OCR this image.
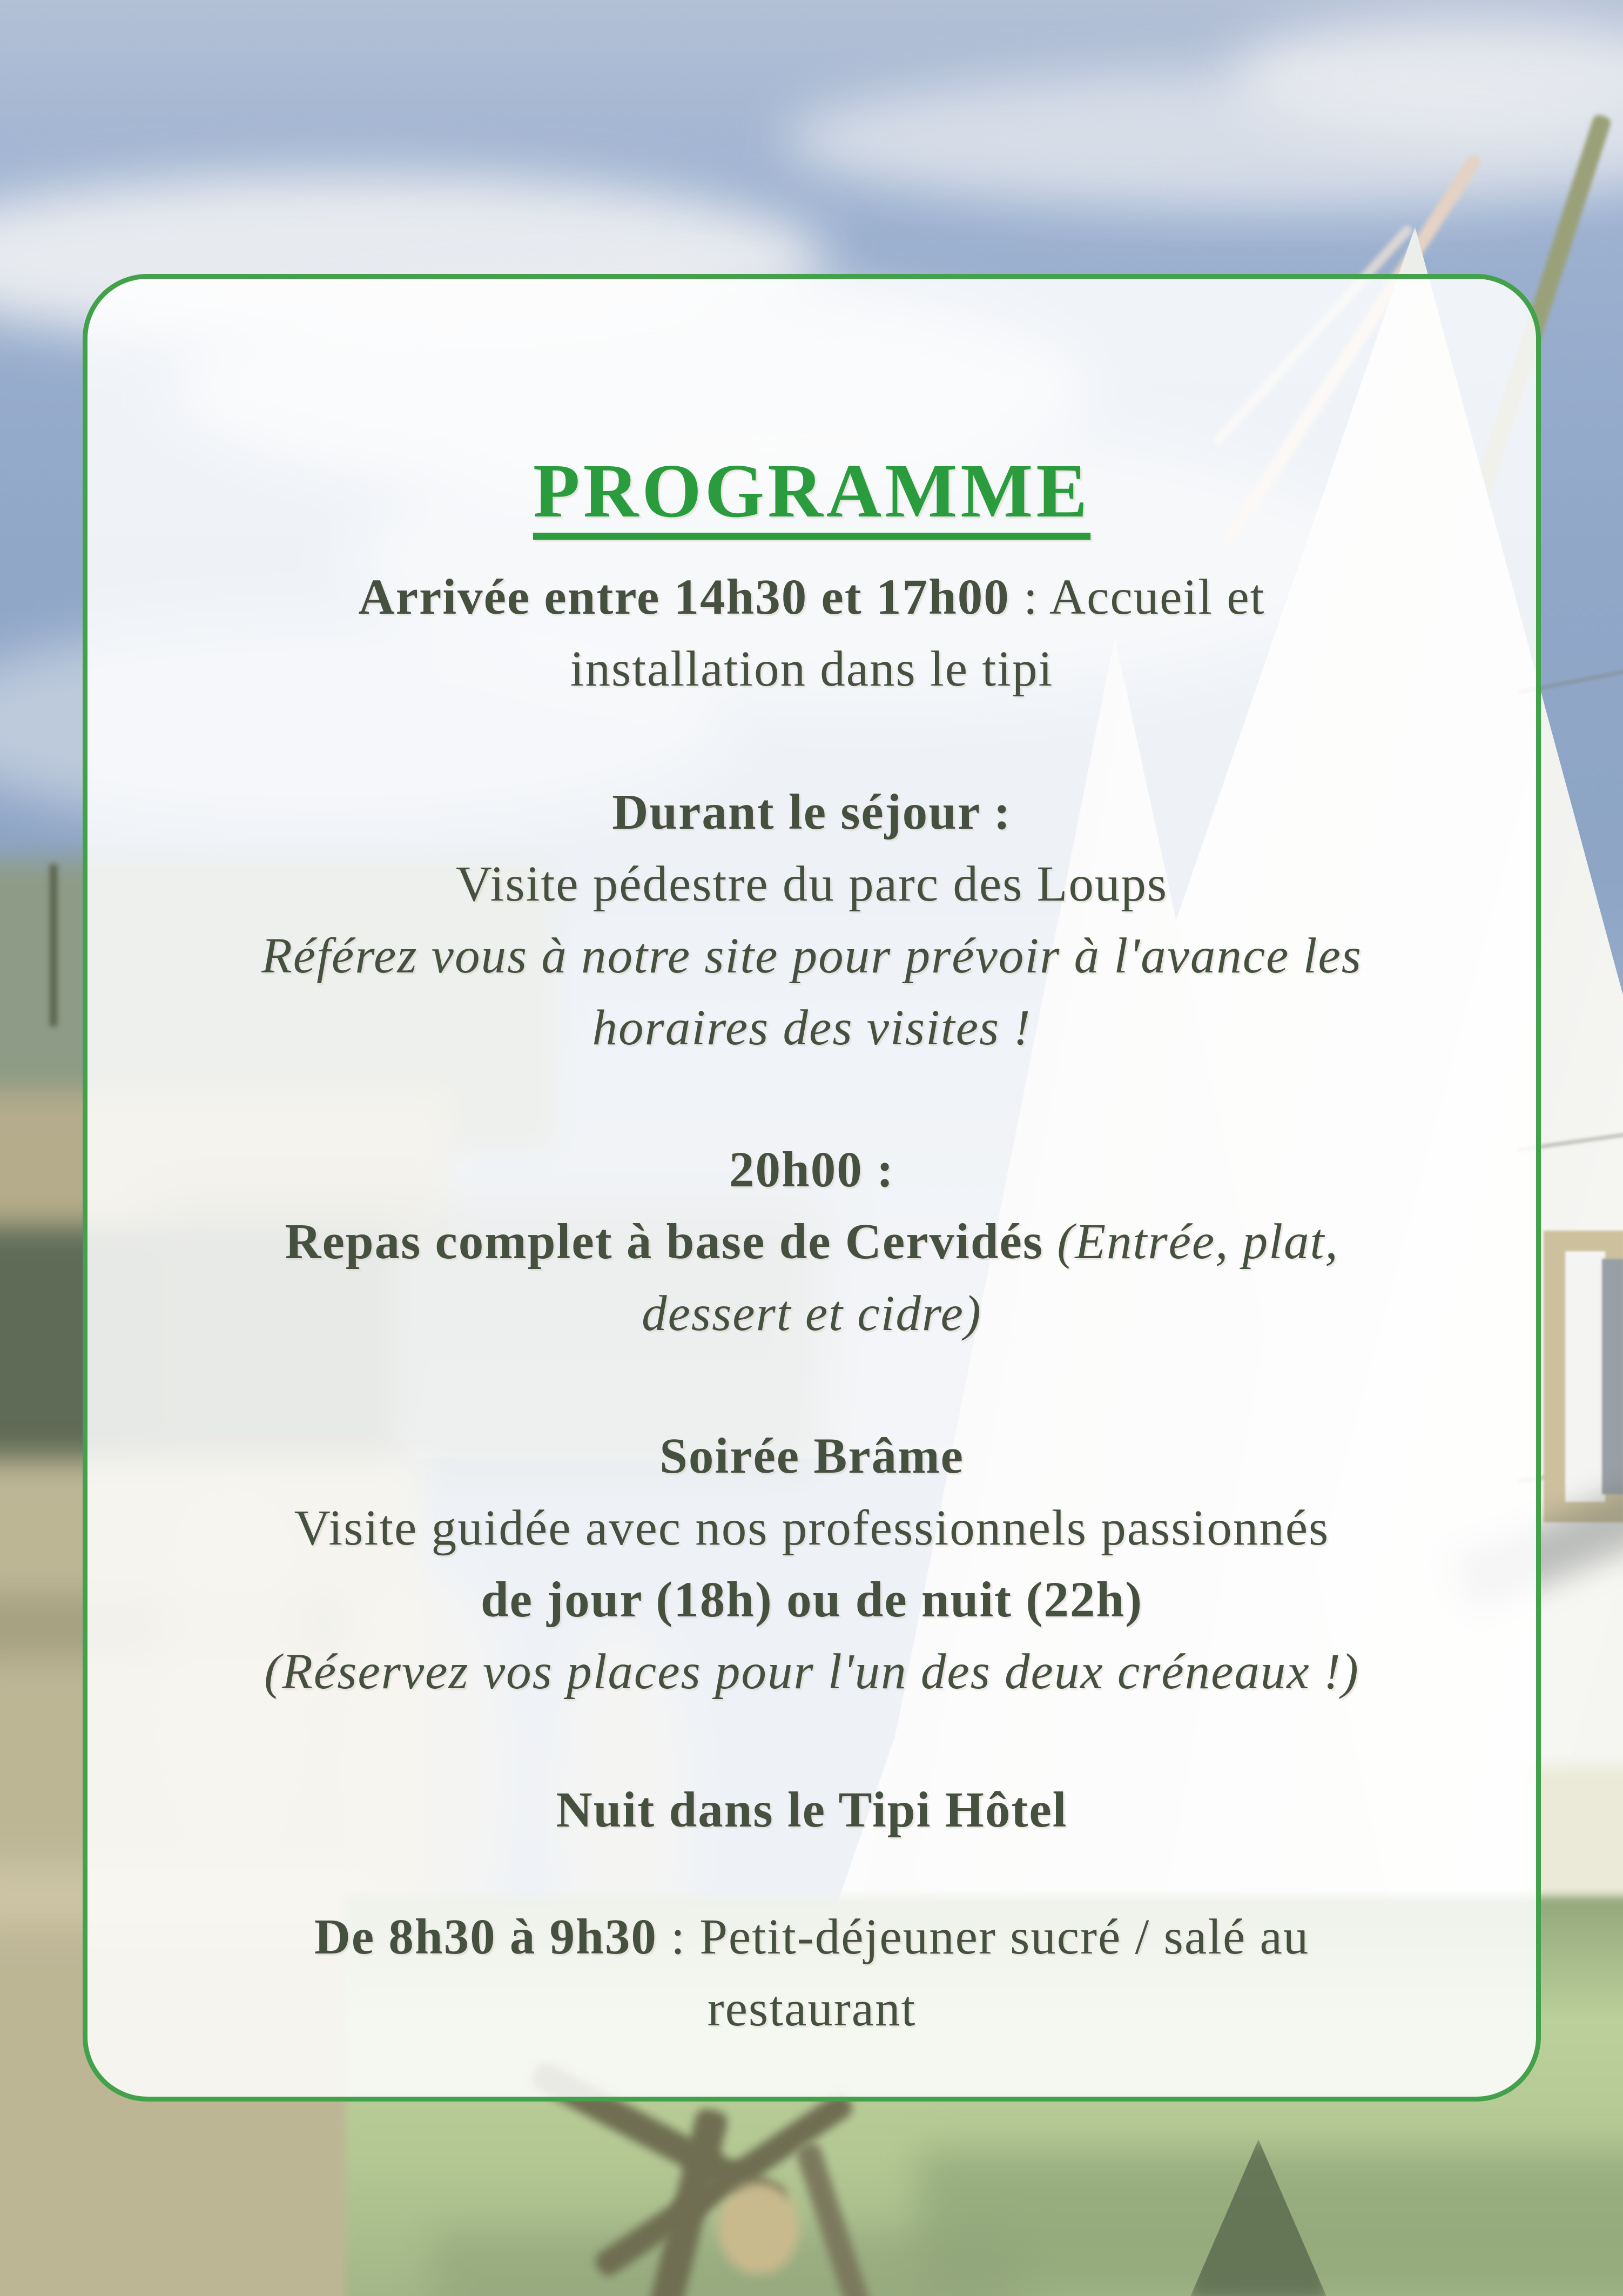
PROGRAMME
Arrivée entre 14h30 et 17h00 : Accueil et
installation dans le tipi
Durant le séjour :
Visite pédestre du parc des Loups
Référez vous à notre site pour prévoir à l'avance les
horaires des visites !
20h00 :
Repas complet à base de Cervidés (Entrée, plat,
dessert et cidre)
Soirée Brâme
Visite guidée avec nos professionnels passionnés
de jour (18h) ou de nuit (22h)
(Réservez vos places pour l'un des deux créneaux !)
Nuit dans le Tipi Hôtel
De 8h30 à 9h30 : Petit-déjeuner sucré / salé au
restaurant
